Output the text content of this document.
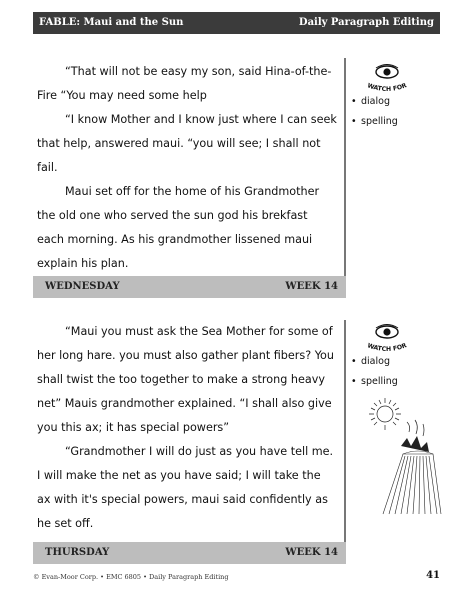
FABLE: Maui and the Sun	Daily Paragraph Editing

“That will not be easy my son, said Hina-of-the-Fire “You may need some help

“I know Mother and I know just where I can seek that help, answered maui. “you will see; I shall not fail.

Maui set off for the home of his Grandmother the old one who served the sun god his brekfast each morning. As his grandmother lissened maui explain his plan.

WATCH FOR
• dialog
• spelling
WEDNESDAY	WEEK 14

“Maui you must ask the Sea Mother for some of her long hare. you must also gather plant fibers? You shall twist the too together to make a strong heavy net” Mauis grandmother explained. “I shall also give you this ax; it has special powers”

“Grandmother I will do just as you have tell me. I will make the net as you have said; I will take the ax with it's special powers, maui said confidently as he set off.

WATCH FOR
• dialog
• spelling
THURSDAY	WEEK 14
© Evan-Moor Corp. • EMC 6805 • Daily Paragraph Editing	41
